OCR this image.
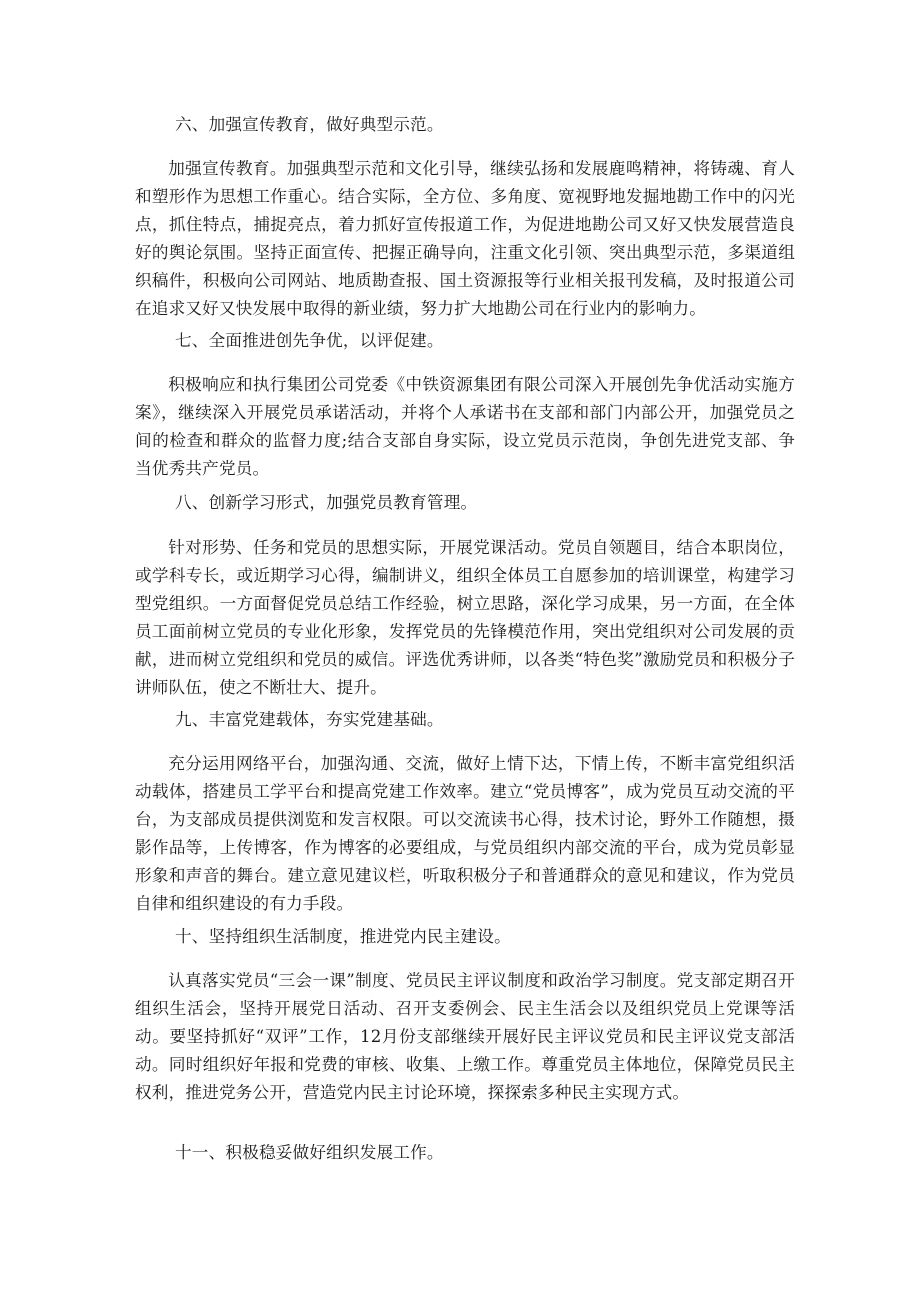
六、加强宣传教育，做好典型示范。

加强宣传教育。加强典型示范和文化引导，继续弘扬和发展鹿鸣精神，将铸魂、育人和塑形作为思想工作重心。结合实际，全方位、多角度、宽视野地发掘地勘工作中的闪光点，抓住特点，捕捉亮点，着力抓好宣传报道工作，为促进地勘公司又好又快发展营造良好的舆论氛围。坚持正面宣传、把握正确导向，注重文化引领、突出典型示范，多渠道组织稿件，积极向公司网站、地质勘查报、国土资源报等行业相关报刊发稿，及时报道公司在追求又好又快发展中取得的新业绩，努力扩大地勘公司在行业内的影响力。

七、全面推进创先争优，以评促建。

积极响应和执行集团公司党委《中铁资源集团有限公司深入开展创先争优活动实施方案》，继续深入开展党员承诺活动，并将个人承诺书在支部和部门内部公开，加强党员之间的检查和群众的监督力度;结合支部自身实际，设立党员示范岗，争创先进党支部、争当优秀共产党员。

八、创新学习形式，加强党员教育管理。

针对形势、任务和党员的思想实际，开展党课活动。党员自领题目，结合本职岗位，或学科专长，或近期学习心得，编制讲义，组织全体员工自愿参加的培训课堂，构建学习型党组织。一方面督促党员总结工作经验，树立思路，深化学习成果，另一方面，在全体员工面前树立党员的专业化形象，发挥党员的先锋模范作用，突出党组织对公司发展的贡献，进而树立党组织和党员的威信。评选优秀讲师，以各类“特色奖”激励党员和积极分子讲师队伍，使之不断壮大、提升。

九、丰富党建载体，夯实党建基础。

充分运用网络平台，加强沟通、交流，做好上情下达，下情上传，不断丰富党组织活动载体，搭建员工学平台和提高党建工作效率。建立“党员博客”，成为党员互动交流的平台，为支部成员提供浏览和发言权限。可以交流读书心得，技术讨论，野外工作随想，摄影作品等，上传博客，作为博客的必要组成，与党员组织内部交流的平台，成为党员彰显形象和声音的舞台。建立意见建议栏，听取积极分子和普通群众的意见和建议，作为党员自律和组织建设的有力手段。

十、坚持组织生活制度，推进党内民主建设。

认真落实党员“三会一课”制度、党员民主评议制度和政治学习制度。党支部定期召开组织生活会，坚持开展党日活动、召开支委例会、民主生活会以及组织党员上党课等活动。要坚持抓好“双评”工作，12月份支部继续开展好民主评议党员和民主评议党支部活动。同时组织好年报和党费的审核、收集、上缴工作。尊重党员主体地位，保障党员民主权利，推进党务公开，营造党内民主讨论环境，探探索多种民主实现方式。

十一、积极稳妥做好组织发展工作。
